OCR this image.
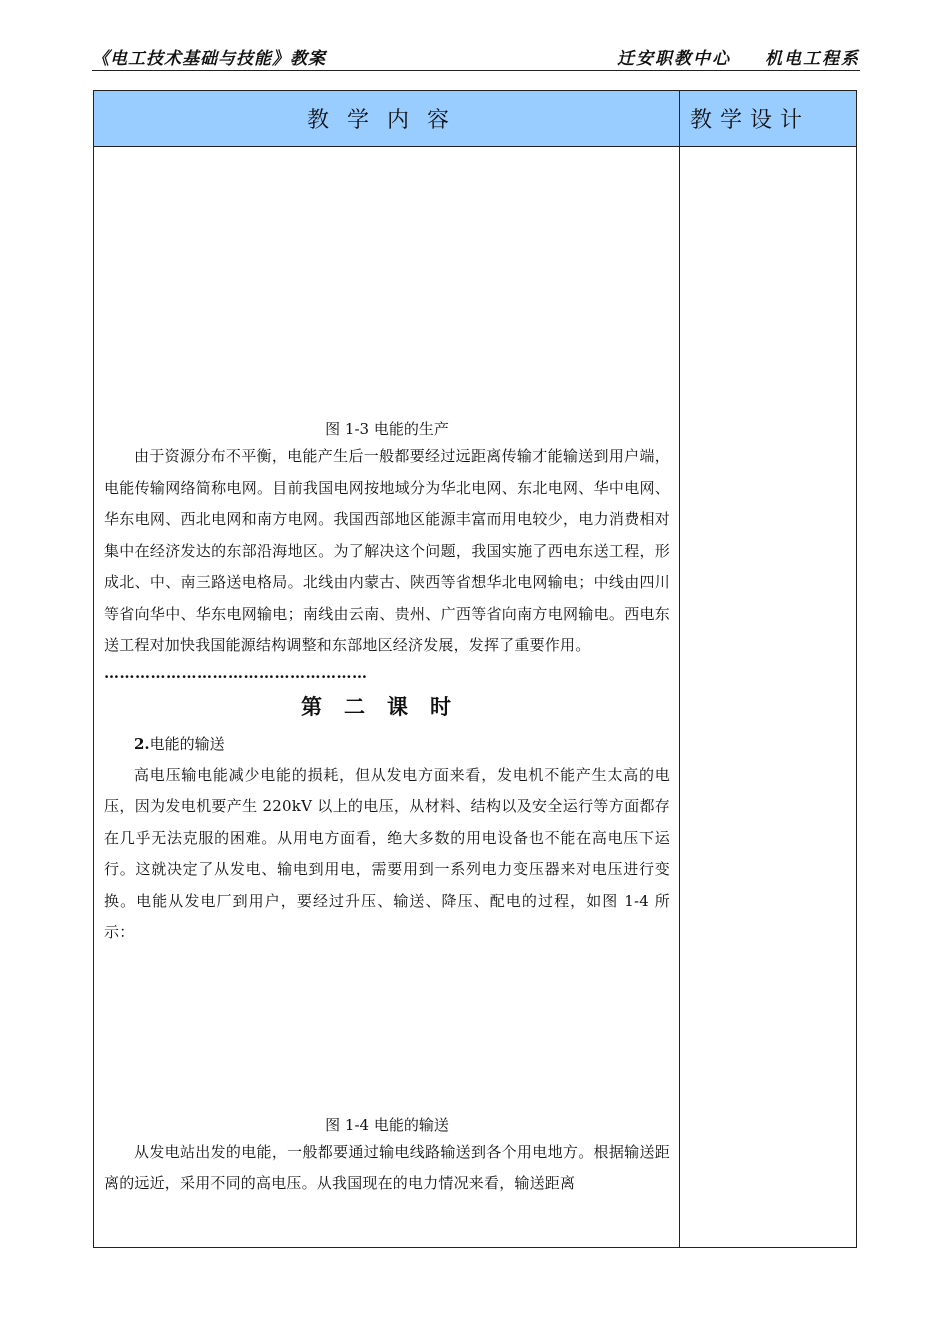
《电工技术基础与技能》教案	迁安职教中心 机电工程系
教学内容	教学设计

图 1-3 电能的生产

由于资源分布不平衡，电能产生后一般都要经过远距离传输才能输送到用户端，电能传输网络简称电网。目前我国电网按地域分为华北电网、东北电网、华中电网、华东电网、西北电网和南方电网。我国西部地区能源丰富而用电较少，电力消费相对集中在经济发达的东部沿海地区。为了解决这个问题，我国实施了西电东送工程，形成北、中、南三路送电格局。北线由内蒙古、陕西等省想华北电网输电；中线由四川等省向华中、华东电网输电；南线由云南、贵州、广西等省向南方电网输电。西电东送工程对加快我国能源结构调整和东部地区经济发展，发挥了重要作用。

……………………………………………

第二课时

2.电能的输送

高电压输电能减少电能的损耗，但从发电方面来看，发电机不能产生太高的电压，因为发电机要产生 220kV 以上的电压，从材料、结构以及安全运行等方面都存在几乎无法克服的困难。从用电方面看，绝大多数的用电设备也不能在高电压下运行。这就决定了从发电、输电到用电，需要用到一系列电力变压器来对电压进行变换。电能从发电厂到用户，要经过升压、输送、降压、配电的过程，如图 1-4 所示：

图 1-4 电能的输送

从发电站出发的电能，一般都要通过输电线路输送到各个用电地方。根据输送距离的远近，采用不同的高电压。从我国现在的电力情况来看，输送距离
